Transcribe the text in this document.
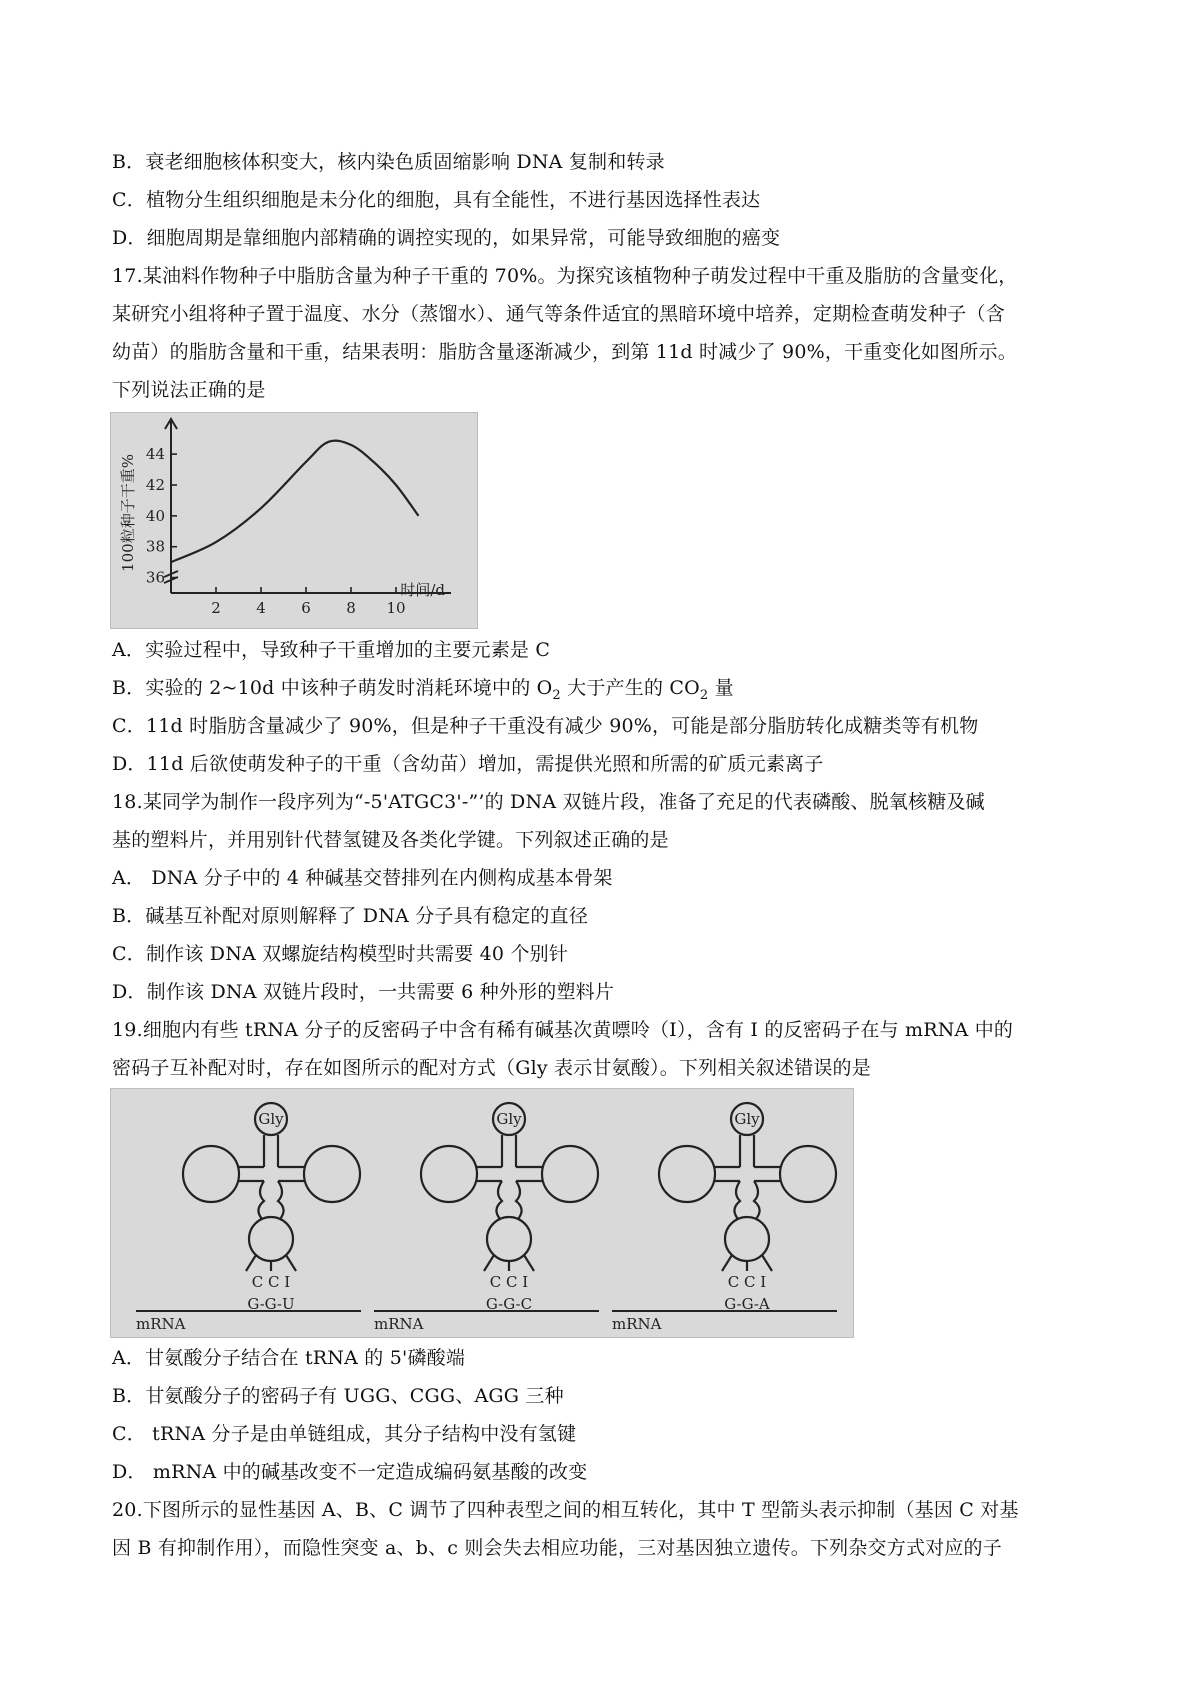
B．衰老细胞核体积变大，核内染色质固缩影响 DNA 复制和转录
C．植物分生组织细胞是未分化的细胞，具有全能性，不进行基因选择性表达
D．细胞周期是靠细胞内部精确的调控实现的，如果异常，可能导致细胞的癌变
17.某油料作物种子中脂肪含量为种子干重的 70%。为探究该植物种子萌发过程中干重及脂肪的含量变化，
某研究小组将种子置于温度、水分（蒸馏水）、通气等条件适宜的黑暗环境中培养，定期检查萌发种子（含
幼苗）的脂肪含量和干重，结果表明：脂肪含量逐渐减少，到第 11d 时减少了 90%，干重变化如图所示。
下列说法正确的是
100粒种子干重%
时间/d
36
38
40
42
44
2 4 6 8 10
A．实验过程中，导致种子干重增加的主要元素是 C
B．实验的 2~10d 中该种子萌发时消耗环境中的 $O_2$ 大于产生的 $CO_2$ 量
C．11d 时脂肪含量减少了 90%，但是种子干重没有减少 90%，可能是部分脂肪转化成糖类等有机物
D．11d 后欲使萌发种子的干重（含幼苗）增加，需提供光照和所需的矿质元素离子
18.某同学为制作一段序列为“-5'ATGC3'-”’的 DNA 双链片段，准备了充足的代表磷酸、脱氧核糖及碱
基的塑料片，并用别针代替氢键及各类化学键。下列叙述正确的是
A． DNA 分子中的 4 种碱基交替排列在内侧构成基本骨架
B．碱基互补配对原则解释了 DNA 分子具有稳定的直径
C．制作该 DNA 双螺旋结构模型时共需要 40 个别针
D．制作该 DNA 双链片段时，一共需要 6 种外形的塑料片
19.细胞内有些 tRNA 分子的反密码子中含有稀有碱基次黄嘌呤（I），含有 I 的反密码子在与 mRNA 中的
密码子互补配对时，存在如图所示的配对方式（Gly 表示甘氨酸）。下列相关叙述错误的是
Gly
C C I
G-G-U
mRNA
Gly
C C I
G-G-C
mRNA
Gly
C C I
G-G-A
mRNA
A．甘氨酸分子结合在 tRNA 的 5'磷酸端
B．甘氨酸分子的密码子有 UGG、CGG、AGG 三种
C． tRNA 分子是由单链组成，其分子结构中没有氢键
D． mRNA 中的碱基改变不一定造成编码氨基酸的改变
20.下图所示的显性基因 A、B、C 调节了四种表型之间的相互转化，其中 T 型箭头表示抑制（基因 C 对基
因 B 有抑制作用），而隐性突变 a、b、c 则会失去相应功能，三对基因独立遗传。下列杂交方式对应的子
